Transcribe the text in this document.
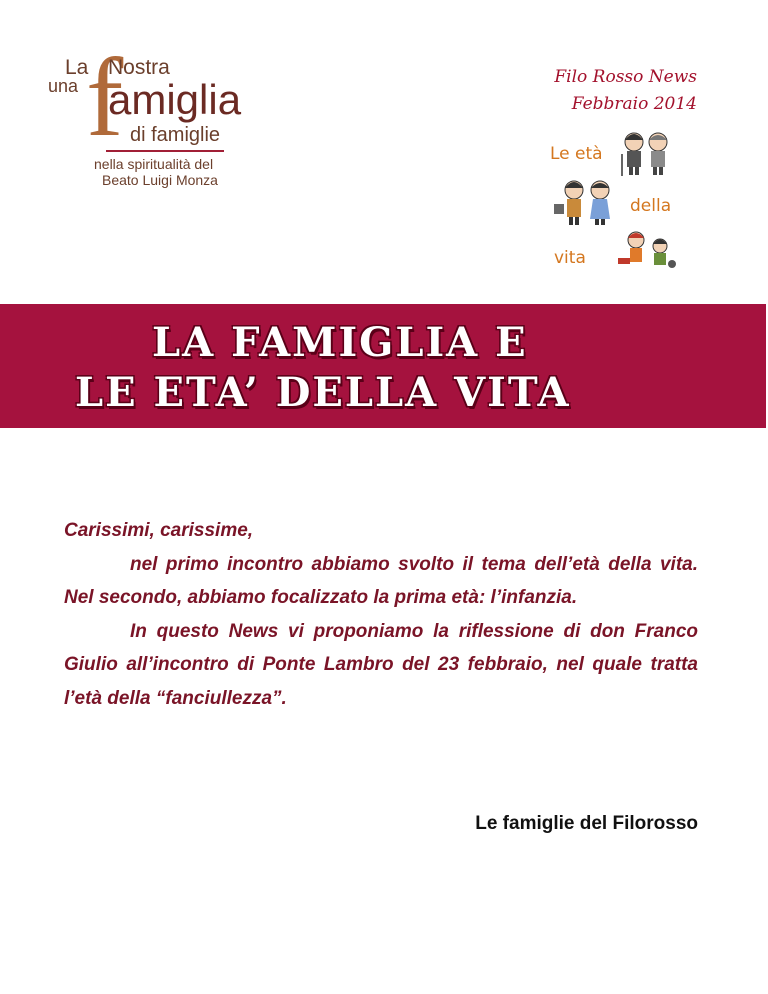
f
La Nostra
una amiglia
di famiglie
nella spiritualità del
Beato Luigi Monza
Filo Rosso News
Febbraio 2014
Le età
della
vita
LA FAMIGLIA E
LE ETA’ DELLA VITA

Carissimi, carissime,

nel primo incontro abbiamo svolto il tema dell’età della vita. Nel secondo, abbiamo focalizzato la prima età: l’infanzia.

In questo News vi proponiamo la riflessione di don Franco Giulio all’incontro di Ponte Lambro del 23 febbraio, nel quale tratta l’età della “fanciullezza”.

Le famiglie del Filorosso
